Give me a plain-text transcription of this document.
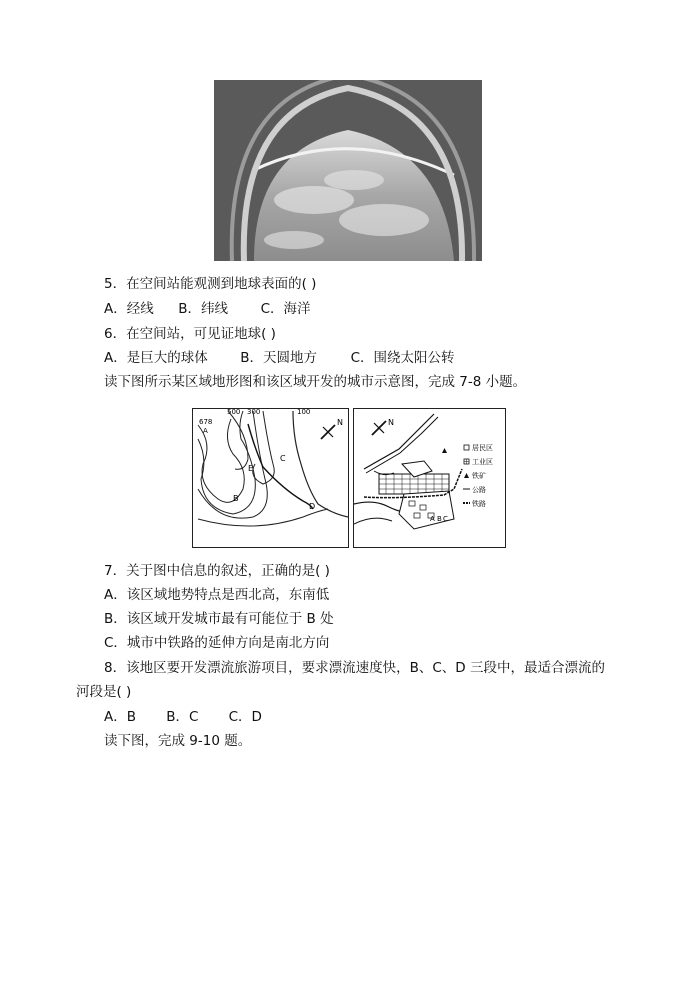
5．在空间站能观测到地球表面的( )
A．经线 B．纬线 C．海洋
6．在空间站，可见证地球( )
A．是巨大的球体 B．天圆地方 C．围绕太阳公转
读下图所示某区域地形图和该区域开发的城市示意图，完成 7-8 小题。
500 300	100
678
A
E
C
B
D
N	N
A B C
居民区
工业区
铁矿
公路
铁路
7．关于图中信息的叙述，正确的是( )
A．该区域地势特点是西北高，东南低
B．该区域开发城市最有可能位于 B 处
C．城市中铁路的延伸方向是南北方向
8．该地区要开发漂流旅游项目，要求漂流速度快，B、C、D 三段中，最适合漂流的
河段是( )
A．B B．C C．D
读下图，完成 9-10 题。
